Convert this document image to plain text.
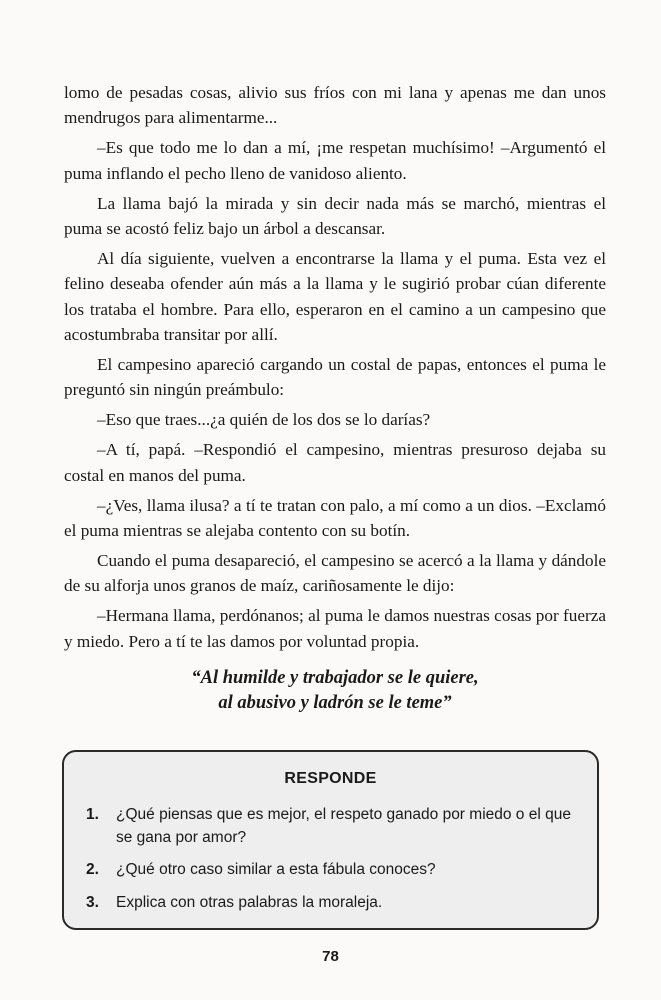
lomo de pesadas cosas, alivio sus fríos con mi lana y apenas me dan unos mendrugos para alimentarme...

–Es que todo me lo dan a mí, ¡me respetan muchísimo! –Argumentó el puma inflando el pecho lleno de vanidoso aliento.

La llama bajó la mirada y sin decir nada más se marchó, mientras el puma se acostó feliz bajo un árbol a descansar.

Al día siguiente, vuelven a encontrarse la llama y el puma. Esta vez el felino deseaba ofender aún más a la llama y le sugirió probar cúan diferente los trataba el hombre. Para ello, esperaron en el camino a un campesino que acostumbraba transitar por allí.

El campesino apareció cargando un costal de papas, entonces el puma le preguntó sin ningún preámbulo:

–Eso que traes...¿a quién de los dos se lo darías?

–A tí, papá. –Respondió el campesino, mientras presuroso dejaba su costal en manos del puma.

–¿Ves, llama ilusa? a tí te tratan con palo, a mí como a un dios. –Exclamó el puma mientras se alejaba contento con su botín.

Cuando el puma desapareció, el campesino se acercó a la llama y dándole de su alforja unos granos de maíz, cariñosamente le dijo:

–Hermana llama, perdónanos; al puma le damos nuestras cosas por fuerza y miedo. Pero a tí te las damos por voluntad propia.

“Al humilde y trabajador se le quiere,
al abusivo y ladrón se le teme”
RESPONDE
1.	¿Qué piensas que es mejor, el respeto ganado por miedo o el que se gana por amor?
2.	¿Qué otro caso similar a esta fábula conoces?
3.	Explica con otras palabras la moraleja.
78
